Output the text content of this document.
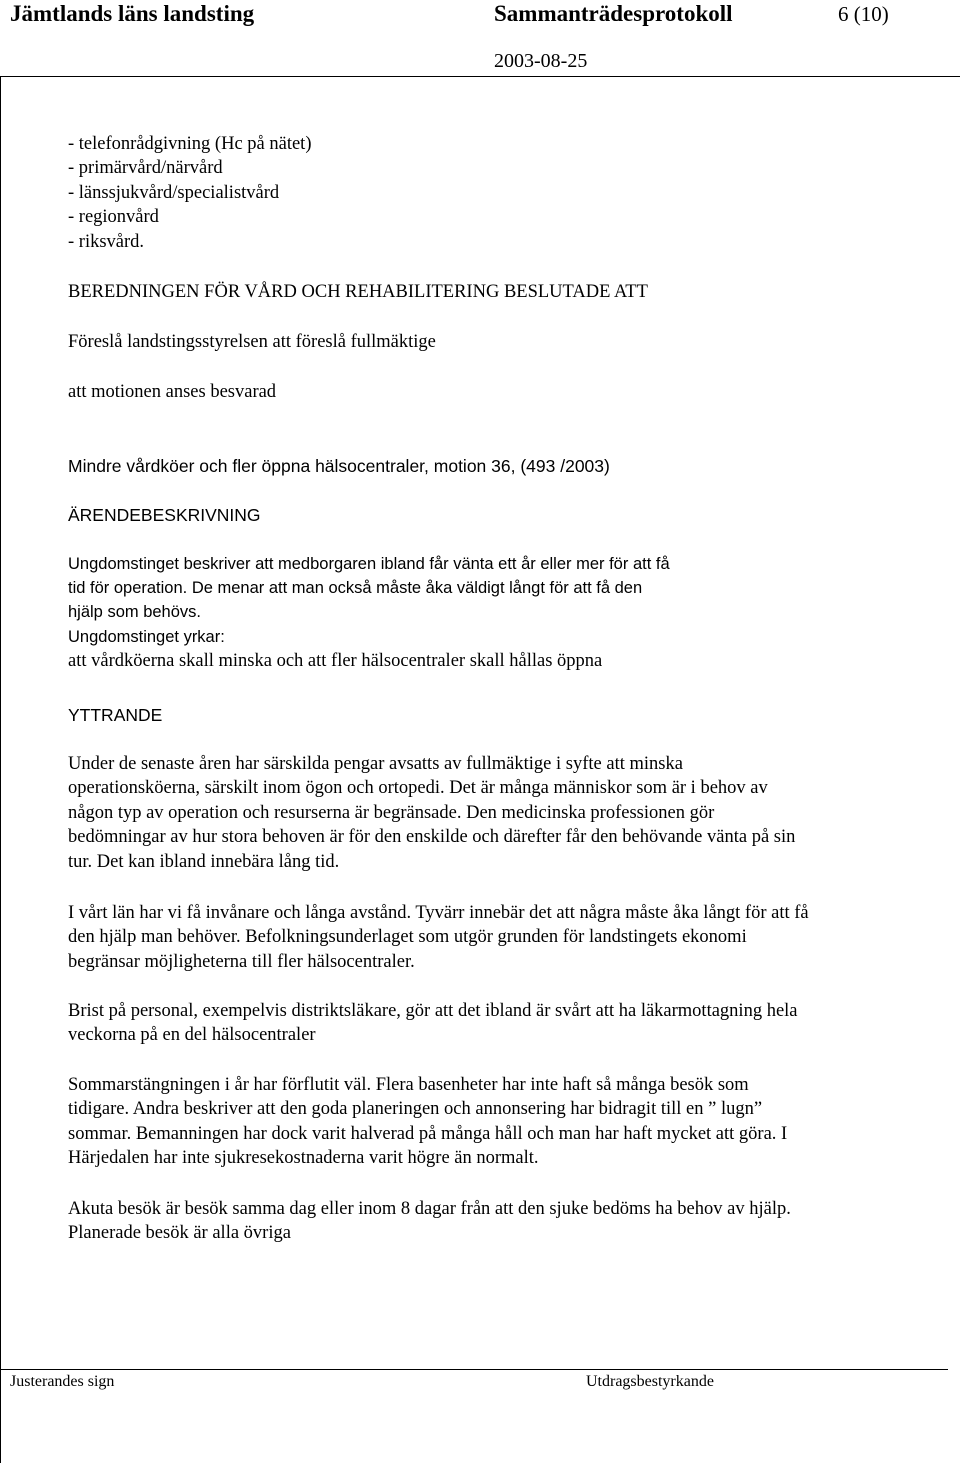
Jämtlands läns landsting	Sammanträdesprotokoll	6 (10)
2003-08-25
- telefonrådgivning (Hc på nätet)
- primärvård/närvård
- länssjukvård/specialistvård
- regionvård
- riksvård.
BEREDNINGEN FÖR VÅRD OCH REHABILITERING BESLUTADE ATT
Föreslå landstingsstyrelsen att föreslå fullmäktige
att motionen anses besvarad
Mindre vårdköer och fler öppna hälsocentraler, motion 36, (493 /2003)
ÄRENDEBESKRIVNING
Ungdomstinget beskriver att medborgaren ibland får vänta ett år eller mer för att få
tid för operation. De menar att man också måste åka väldigt långt för att få den
hjälp som behövs.
Ungdomstinget yrkar:
att vårdköerna skall minska och att fler hälsocentraler skall hållas öppna
YTTRANDE
Under de senaste åren har särskilda pengar avsatts av fullmäktige i syfte att minska
operationsköerna, särskilt inom ögon och ortopedi. Det är många människor som är i behov av
någon typ av operation och resurserna är begränsade. Den medicinska professionen gör
bedömningar av hur stora behoven är för den enskilde och därefter får den behövande vänta på sin
tur. Det kan ibland innebära lång tid.
I vårt län har vi få invånare och långa avstånd. Tyvärr innebär det att några måste åka långt för att få
den hjälp man behöver. Befolkningsunderlaget som utgör grunden för landstingets ekonomi
begränsar möjligheterna till fler hälsocentraler.
Brist på personal, exempelvis distriktsläkare, gör att det ibland är svårt att ha läkarmottagning hela
veckorna på en del hälsocentraler
Sommarstängningen i år har förflutit väl. Flera basenheter har inte haft så många besök som
tidigare. Andra beskriver att den goda planeringen och annonsering har bidragit till en ” lugn”
sommar. Bemanningen har dock varit halverad på många håll och man har haft mycket att göra. I
Härjedalen har inte sjukresekostnaderna varit högre än normalt.
Akuta besök är besök samma dag eller inom 8 dagar från att den sjuke bedöms ha behov av hjälp.
Planerade besök är alla övriga
Justerandes sign	Utdragsbestyrkande
